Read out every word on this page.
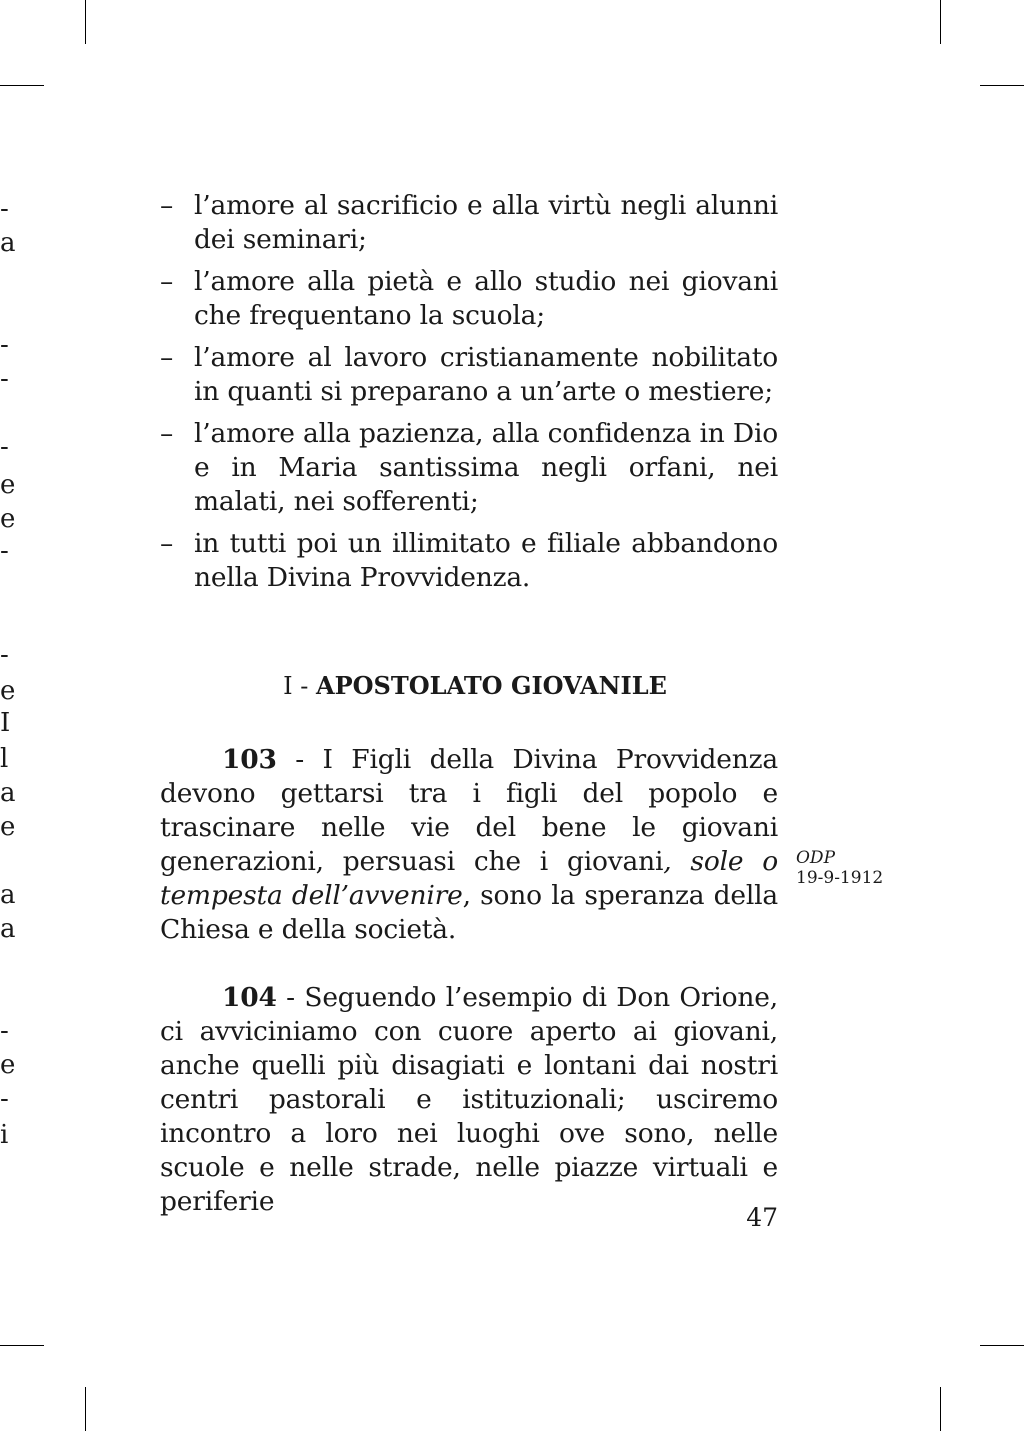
-
a
-
-
-
e
e
-
-
e
I
l
a
e
a
a
-
e
-
i
– l’amore al sacrificio e alla virtù negli alunni dei seminari;
– l’amore alla pietà e allo studio nei giovani che frequentano la scuola;
– l’amore al lavoro cristianamente nobilitato in quanti si preparano a un’arte o mestiere;
– l’amore alla pazienza, alla confidenza in Dio e in Maria santissima negli orfani, nei malati, nei sofferenti;
– in tutti poi un illimitato e filiale abbandono nella Divina Provvidenza.
I - APOSTOLATO GIOVANILE

103 - I Figli della Divina Provvidenza devono gettarsi tra i figli del popolo e trascinare nelle vie del bene le giovani generazioni, persuasi che i giovani, sole o tempesta dell’avvenire, sono la speranza della Chiesa e della società.

104 - Seguendo l’esempio di Don Orione, ci avviciniamo con cuore aperto ai giovani, anche quelli più disagiati e lontani dai nostri centri pastorali e istituzionali; usciremo incontro a loro nei luoghi ove sono, nelle scuole e nelle strade, nelle piazze virtuali e periferie

ODP
19-9-1912
47
